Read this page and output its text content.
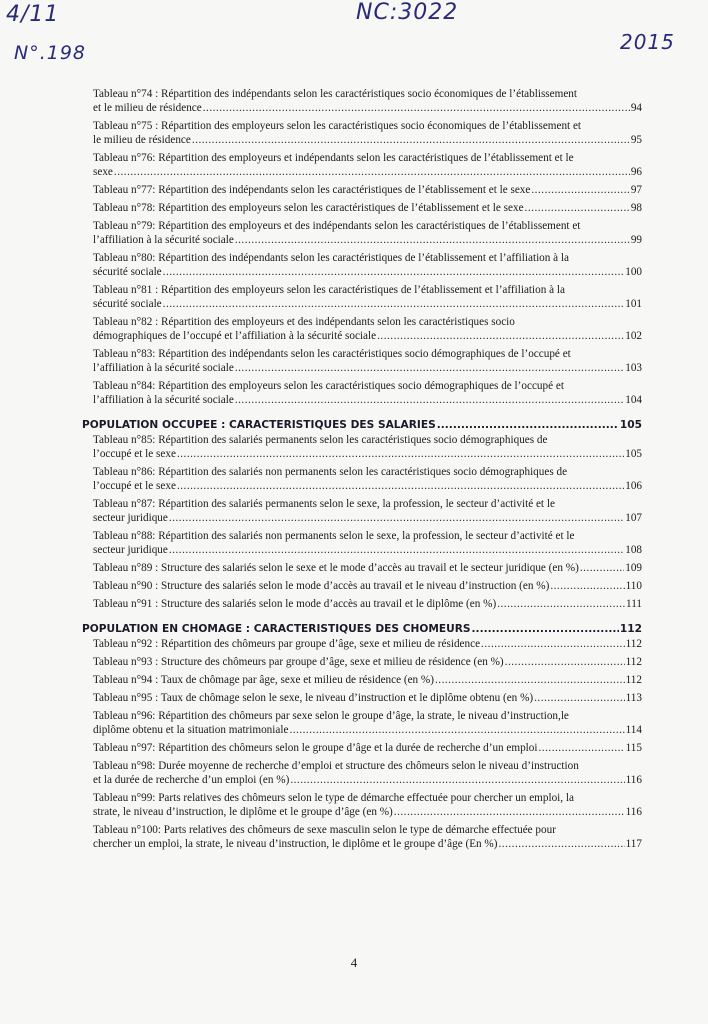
4/11
N°.198
NC:3022
2015
Tableau n°74 : Répartition des indépendants selon les caractéristiques socio économiques de l’établissement
et le milieu de résidence .....	94
Tableau n°75 : Répartition des employeurs selon les caractéristiques socio économiques de l’établissement et
le milieu de résidence .....	95
Tableau n°76: Répartition des employeurs et indépendants selon les caractéristiques de l’établissement et le
sexe .....	96
Tableau n°77: Répartition des indépendants selon les caractéristiques de l’établissement et le sexe .....	97
Tableau n°78: Répartition des employeurs selon les caractéristiques de l’établissement et le sexe .....	98
Tableau n°79: Répartition des employeurs et des indépendants selon les caractéristiques de l’établissement et
l’affiliation à la sécurité sociale .....	99
Tableau n°80: Répartition des indépendants selon les caractéristiques de l’établissement et l’affiliation à la
sécurité sociale .....	100
Tableau n°81 : Répartition des employeurs selon les caractéristiques de l’établissement et l’affiliation à la
sécurité sociale .....	101
Tableau n°82 : Répartition des employeurs et des indépendants selon les caractéristiques socio
démographiques de l’occupé et l’affiliation à la sécurité sociale .....	102
Tableau n°83: Répartition des indépendants selon les caractéristiques socio démographiques de l’occupé et
l’affiliation à la sécurité sociale .....	103
Tableau n°84: Répartition des employeurs selon les caractéristiques socio démographiques de l’occupé et
l’affiliation à la sécurité sociale .....	104
POPULATION OCCUPEE : CARACTERISTIQUES DES SALARIES .....	105
Tableau n°85: Répartition des salariés permanents selon les caractéristiques socio démographiques de
l’occupé et le sexe .....	105
Tableau n°86: Répartition des salariés non permanents selon les caractéristiques socio démographiques de
l’occupé et le sexe .....	106
Tableau n°87: Répartition des salariés permanents selon le sexe, la profession, le secteur d’activité et le
secteur juridique .....	107
Tableau n°88: Répartition des salariés non permanents selon le sexe, la profession, le secteur d’activité et le
secteur juridique .....	108
Tableau n°89 : Structure des salariés selon le sexe et le mode d’accès au travail et le secteur juridique (en %) .....	109
Tableau n°90 : Structure des salariés selon le mode d’accès au travail et le niveau d’instruction (en %) .....	110
Tableau n°91 : Structure des salariés selon le mode d’accès au travail et le diplôme (en %) .....	111
POPULATION EN CHOMAGE : CARACTERISTIQUES DES CHOMEURS .....	112
Tableau n°92 : Répartition des chômeurs par groupe d’âge, sexe et milieu de résidence .....	112
Tableau n°93 : Structure des chômeurs par groupe d’âge, sexe et milieu de résidence (en %) .....	112
Tableau n°94 : Taux de chômage par âge, sexe et milieu de résidence (en %) .....	112
Tableau n°95 : Taux de chômage selon le sexe, le niveau d’instruction et le diplôme obtenu (en %) .....	113
Tableau n°96: Répartition des chômeurs par sexe selon le groupe d’âge, la strate, le niveau d’instruction,le
diplôme obtenu et la situation matrimoniale .....	114
Tableau n°97: Répartition des chômeurs selon le groupe d’âge et la durée de recherche d’un emploi .....	115
Tableau n°98: Durée moyenne de recherche d’emploi et structure des chômeurs selon le niveau d’instruction
et la durée de recherche d’un emploi (en %) .....	116
Tableau n°99: Parts relatives des chômeurs selon le type de démarche effectuée pour chercher un emploi, la
strate, le niveau d’instruction, le diplôme et le groupe d’âge (en %) .....	116
Tableau n°100: Parts relatives des chômeurs de sexe masculin selon le type de démarche effectuée pour
chercher un emploi, la strate, le niveau d’instruction, le diplôme et le groupe d’âge (En %) .....	117
4
